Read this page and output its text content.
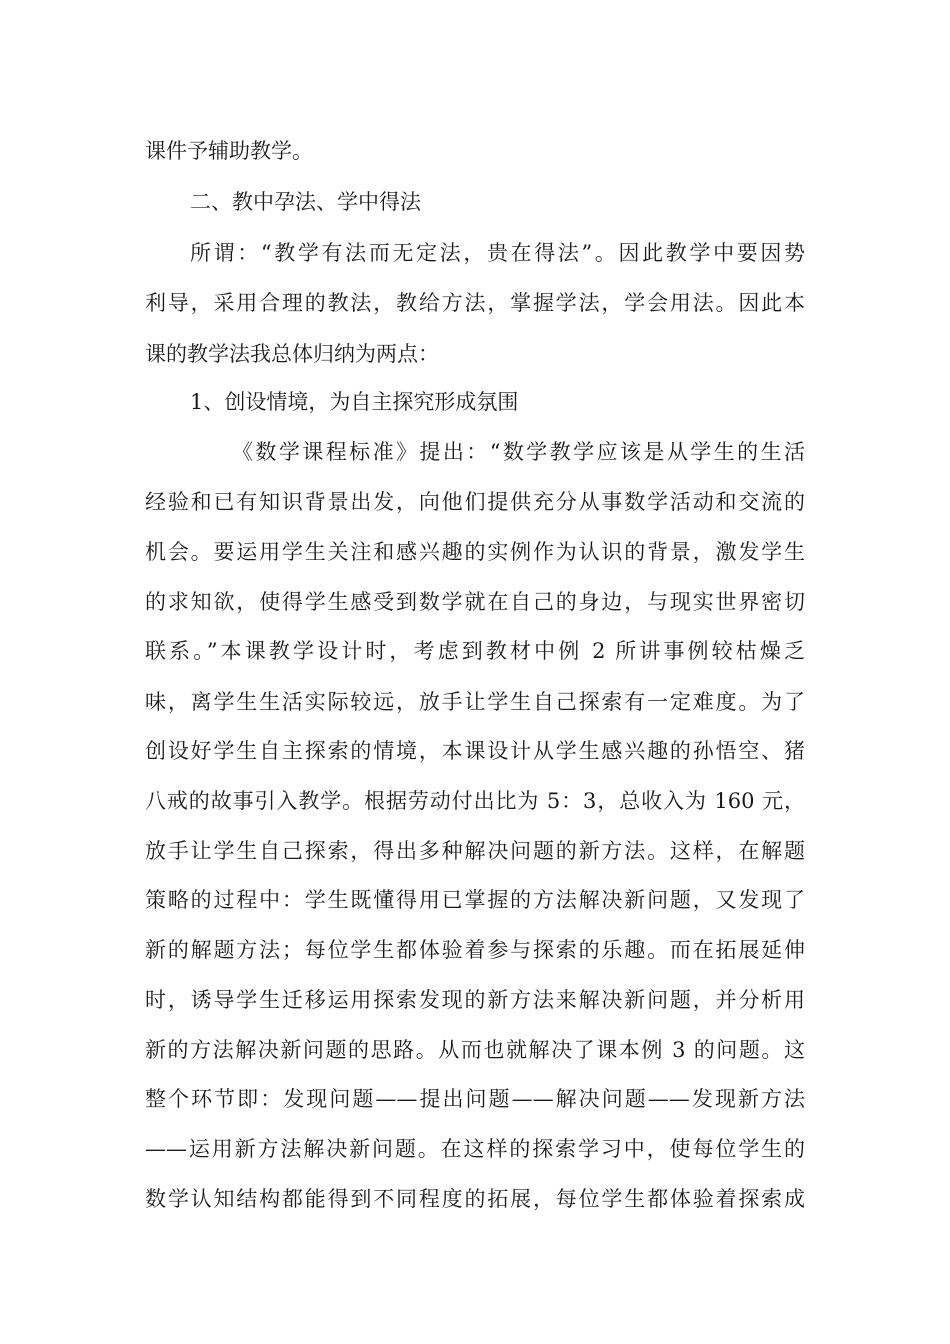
课件予辅助教学。
二、教中孕法、学中得法
所谓：“教学有法而无定法，贵在得法”。因此教学中要因势
利导，采用合理的教法，教给方法，掌握学法，学会用法。因此本
课的教学法我总体归纳为两点：
1、创设情境，为自主探究形成氛围
《数学课程标准》提出：“数学教学应该是从学生的生活
经验和已有知识背景出发，向他们提供充分从事数学活动和交流的
机会。要运用学生关注和感兴趣的实例作为认识的背景，激发学生
的求知欲，使得学生感受到数学就在自己的身边，与现实世界密切
联系。”本课教学设计时，考虑到教材中例 2 所讲事例较枯燥乏
味，离学生生活实际较远，放手让学生自己探索有一定难度。为了
创设好学生自主探索的情境，本课设计从学生感兴趣的孙悟空、猪
八戒的故事引入教学。根据劳动付出比为 5：3，总收入为 160 元，
放手让学生自己探索，得出多种解决问题的新方法。这样，在解题
策略的过程中：学生既懂得用已掌握的方法解决新问题，又发现了
新的解题方法；每位学生都体验着参与探索的乐趣。而在拓展延伸
时，诱导学生迁移运用探索发现的新方法来解决新问题，并分析用
新的方法解决新问题的思路。从而也就解决了课本例 3 的问题。这
整个环节即：发现问题——提出问题——解决问题——发现新方法
——运用新方法解决新问题。在这样的探索学习中，使每位学生的
数学认知结构都能得到不同程度的拓展，每位学生都体验着探索成
